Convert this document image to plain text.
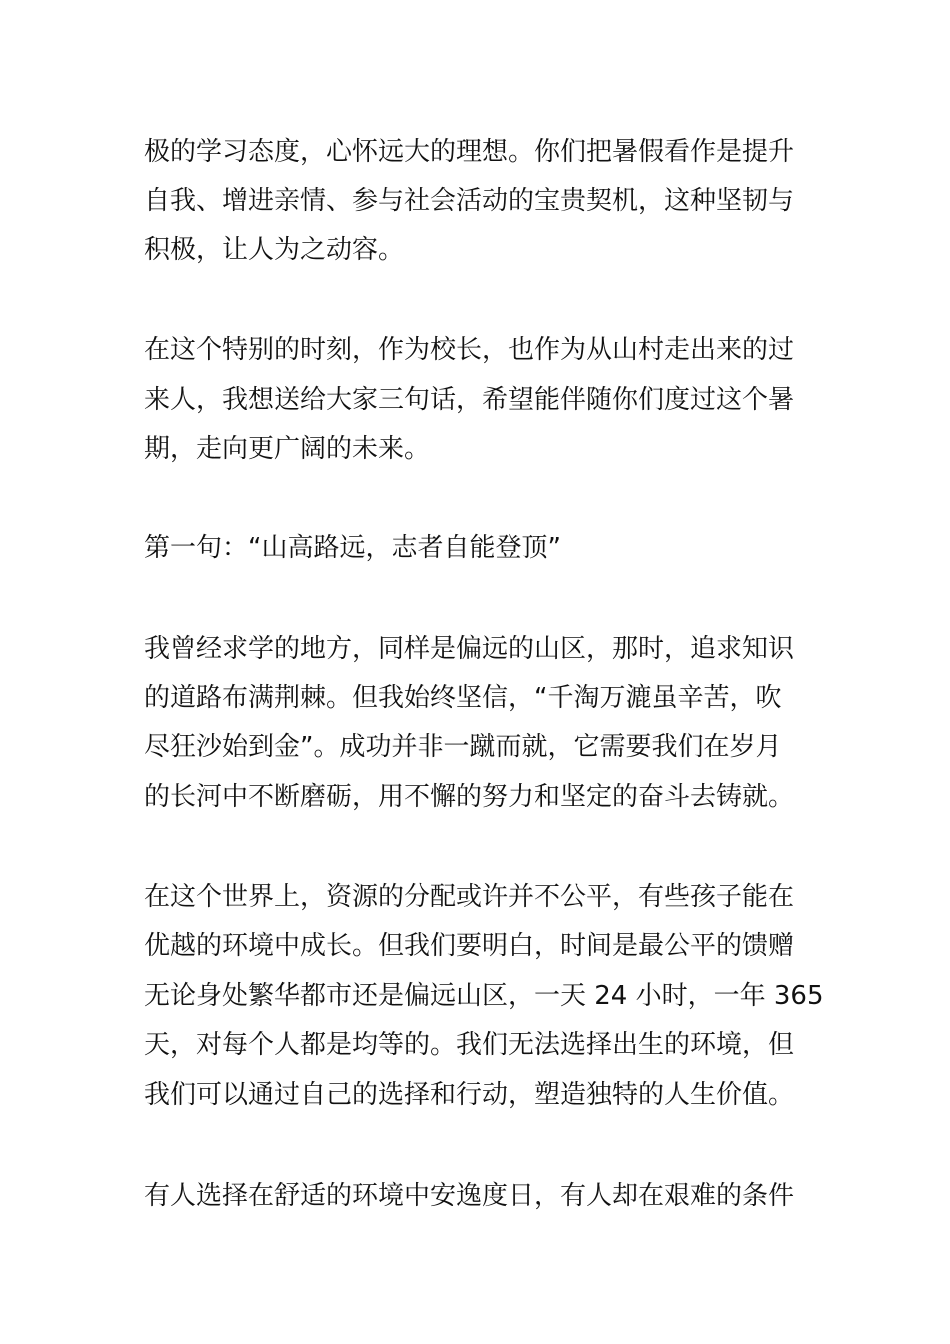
极的学习态度，心怀远大的理想。你们把暑假看作是提升
自我、增进亲情、参与社会活动的宝贵契机，这种坚韧与
积极，让人为之动容。
在这个特别的时刻，作为校长，也作为从山村走出来的过
来人，我想送给大家三句话，希望能伴随你们度过这个暑
期，走向更广阔的未来。
第一句：“山高路远，志者自能登顶”
我曾经求学的地方，同样是偏远的山区，那时，追求知识
的道路布满荆棘。但我始终坚信，“千淘万漉虽辛苦，吹
尽狂沙始到金”。成功并非一蹴而就，它需要我们在岁月
的长河中不断磨砺，用不懈的努力和坚定的奋斗去铸就。
在这个世界上，资源的分配或许并不公平，有些孩子能在
优越的环境中成长。但我们要明白，时间是最公平的馈赠
无论身处繁华都市还是偏远山区，一天 24 小时，一年 365
天，对每个人都是均等的。我们无法选择出生的环境，但
我们可以通过自己的选择和行动，塑造独特的人生价值。
有人选择在舒适的环境中安逸度日，有人却在艰难的条件
